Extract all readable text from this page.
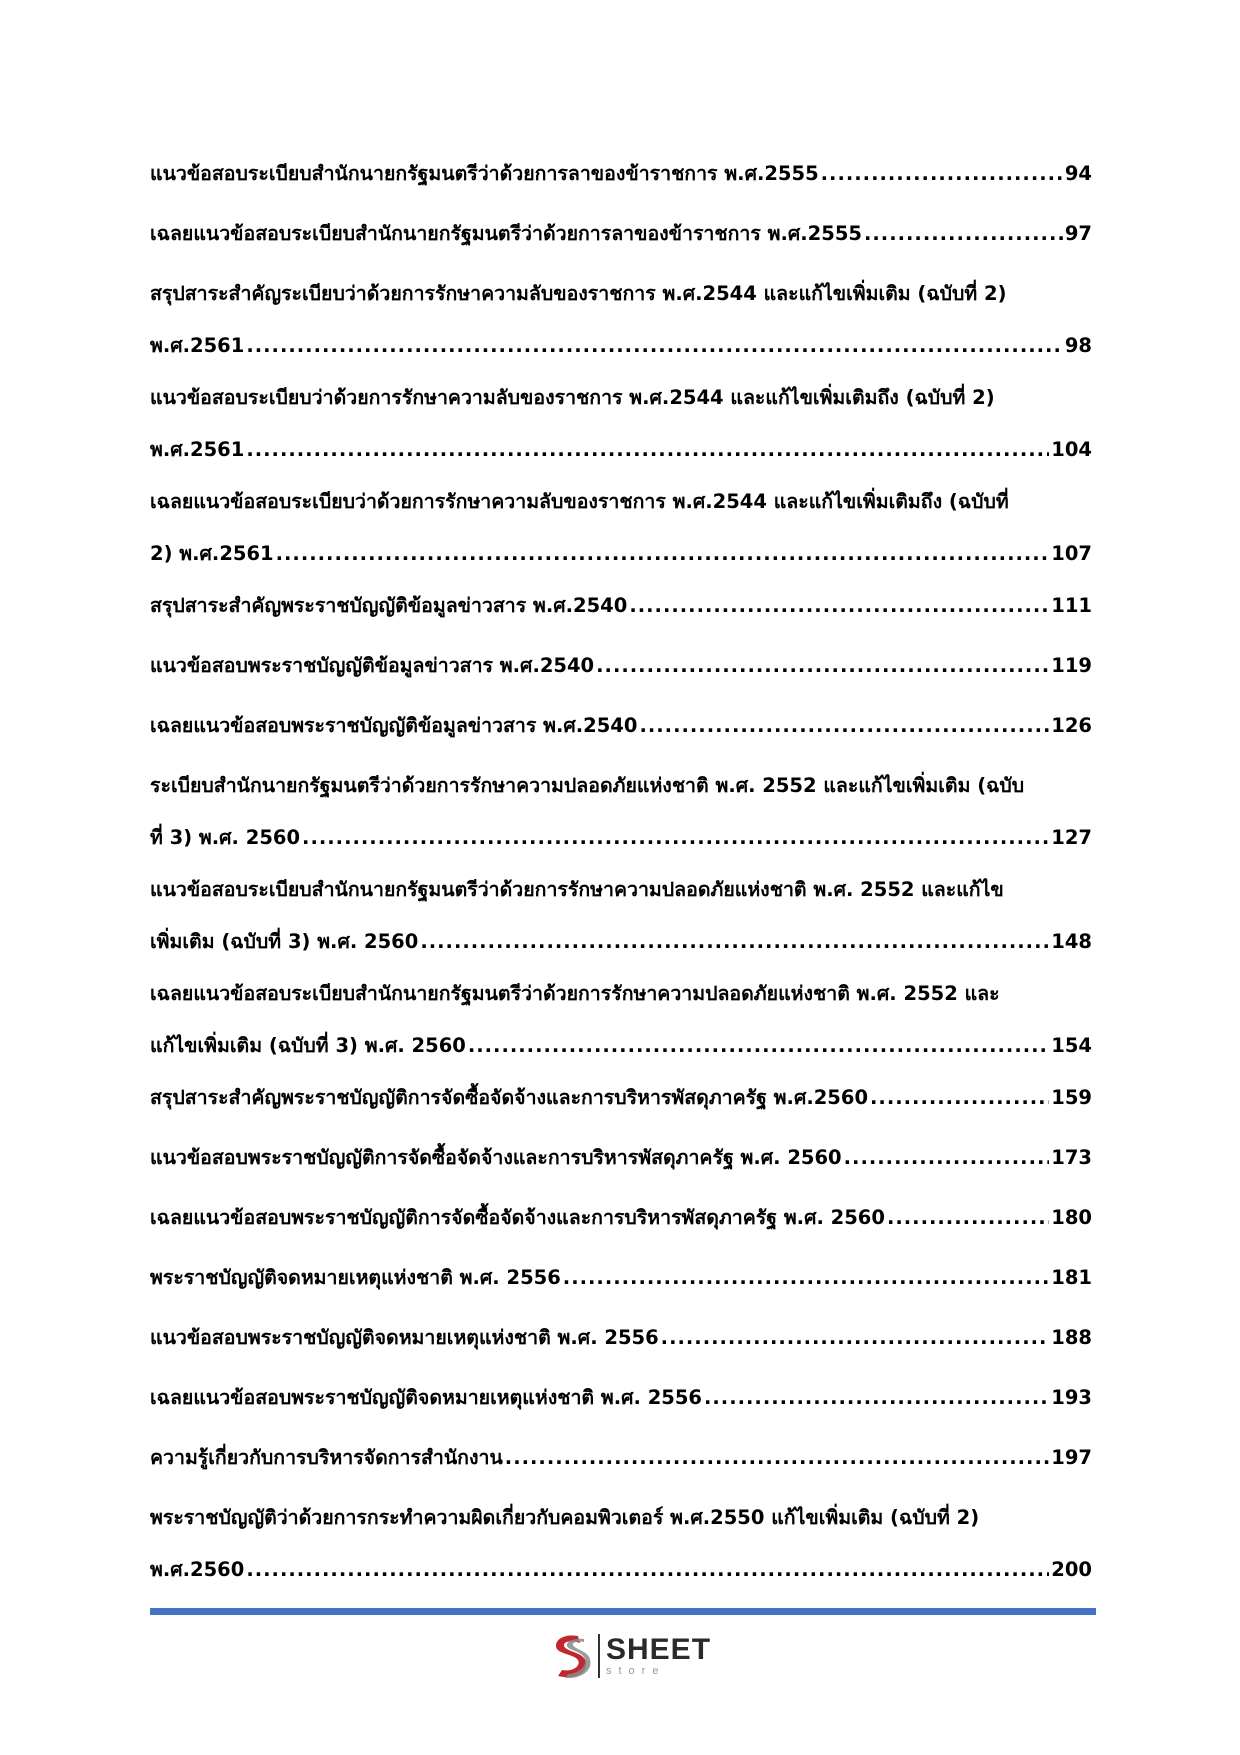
แนวข้อสอบระเบียบสำนักนายกรัฐมนตรีว่าด้วยการลาของข้าราชการ พ.ศ.2555 .....	94
เฉลยแนวข้อสอบระเบียบสำนักนายกรัฐมนตรีว่าด้วยการลาของข้าราชการ พ.ศ.2555 .....	97
สรุปสาระสำคัญระเบียบว่าด้วยการรักษาความลับของราชการ พ.ศ.2544 และแก้ไขเพิ่มเติม (ฉบับที่ 2)
พ.ศ.2561 .....	98
แนวข้อสอบระเบียบว่าด้วยการรักษาความลับของราชการ พ.ศ.2544 และแก้ไขเพิ่มเติมถึง (ฉบับที่ 2)
พ.ศ.2561 .....	104
เฉลยแนวข้อสอบระเบียบว่าด้วยการรักษาความลับของราชการ พ.ศ.2544 และแก้ไขเพิ่มเติมถึง (ฉบับที่
2) พ.ศ.2561 .....	107
สรุปสาระสำคัญพระราชบัญญัติข้อมูลข่าวสาร พ.ศ.2540 .....	111
แนวข้อสอบพระราชบัญญัติข้อมูลข่าวสาร พ.ศ.2540 .....	119
เฉลยแนวข้อสอบพระราชบัญญัติข้อมูลข่าวสาร พ.ศ.2540 .....	126
ระเบียบสำนักนายกรัฐมนตรีว่าด้วยการรักษาความปลอดภัยแห่งชาติ พ.ศ. 2552 และแก้ไขเพิ่มเติม (ฉบับ
ที่ 3) พ.ศ. 2560 .....	127
แนวข้อสอบระเบียบสำนักนายกรัฐมนตรีว่าด้วยการรักษาความปลอดภัยแห่งชาติ พ.ศ. 2552 และแก้ไข
เพิ่มเติม (ฉบับที่ 3) พ.ศ. 2560 .....	148
เฉลยแนวข้อสอบระเบียบสำนักนายกรัฐมนตรีว่าด้วยการรักษาความปลอดภัยแห่งชาติ พ.ศ. 2552 และ
แก้ไขเพิ่มเติม (ฉบับที่ 3) พ.ศ. 2560 .....	154
สรุปสาระสำคัญพระราชบัญญัติการจัดซื้อจัดจ้างและการบริหารพัสดุภาครัฐ พ.ศ.2560 .....	159
แนวข้อสอบพระราชบัญญัติการจัดซื้อจัดจ้างและการบริหารพัสดุภาครัฐ พ.ศ. 2560 .....	173
เฉลยแนวข้อสอบพระราชบัญญัติการจัดซื้อจัดจ้างและการบริหารพัสดุภาครัฐ พ.ศ. 2560 .....	180
พระราชบัญญัติจดหมายเหตุแห่งชาติ พ.ศ. 2556 .....	181
แนวข้อสอบพระราชบัญญัติจดหมายเหตุแห่งชาติ พ.ศ. 2556 .....	188
เฉลยแนวข้อสอบพระราชบัญญัติจดหมายเหตุแห่งชาติ พ.ศ. 2556 .....	193
ความรู้เกี่ยวกับการบริหารจัดการสำนักงาน .....	197
พระราชบัญญัติว่าด้วยการกระทำความผิดเกี่ยวกับคอมพิวเตอร์ พ.ศ.2550 แก้ไขเพิ่มเติม (ฉบับที่ 2)
พ.ศ.2560 .....	200
SHEET
store
